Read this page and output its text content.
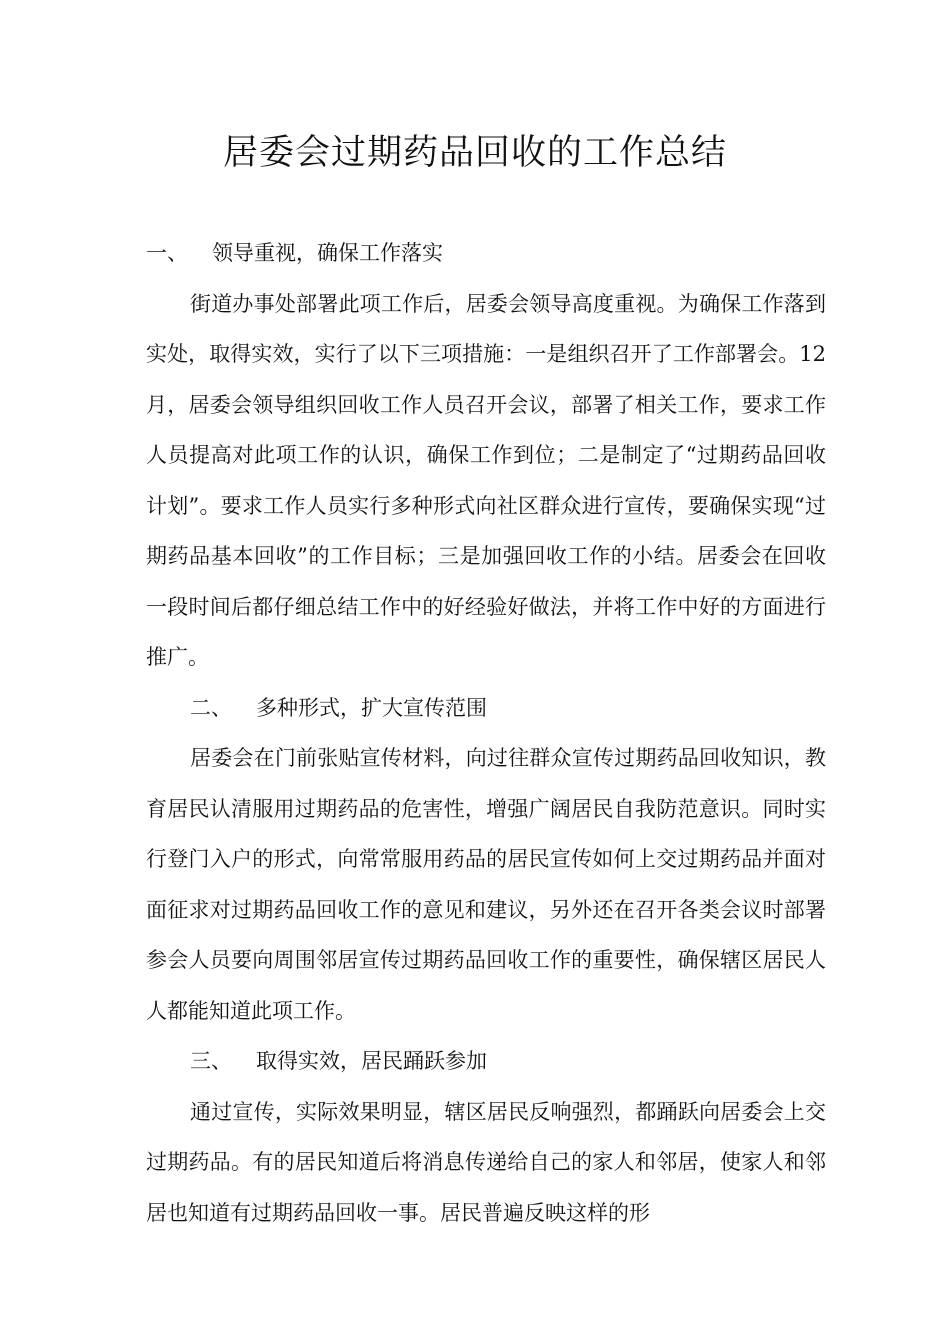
居委会过期药品回收的工作总结
一、 领导重视，确保工作落实

街道办事处部署此项工作后，居委会领导高度重视。为确保工作落到实处，取得实效，实行了以下三项措施：一是组织召开了工作部署会。12月，居委会领导组织回收工作人员召开会议，部署了相关工作，要求工作人员提高对此项工作的认识，确保工作到位；二是制定了“过期药品回收计划”。要求工作人员实行多种形式向社区群众进行宣传，要确保实现“过期药品基本回收”的工作目标；三是加强回收工作的小结。居委会在回收一段时间后都仔细总结工作中的好经验好做法，并将工作中好的方面进行推广。

二、 多种形式，扩大宣传范围

居委会在门前张贴宣传材料，向过往群众宣传过期药品回收知识，教育居民认清服用过期药品的危害性，增强广阔居民自我防范意识。同时实行登门入户的形式，向常常服用药品的居民宣传如何上交过期药品并面对面征求对过期药品回收工作的意见和建议，另外还在召开各类会议时部署参会人员要向周围邻居宣传过期药品回收工作的重要性，确保辖区居民人人都能知道此项工作。

三、 取得实效，居民踊跃参加

通过宣传，实际效果明显，辖区居民反响强烈，都踊跃向居委会上交过期药品。有的居民知道后将消息传递给自己的家人和邻居，使家人和邻居也知道有过期药品回收一事。居民普遍反映这样的形
